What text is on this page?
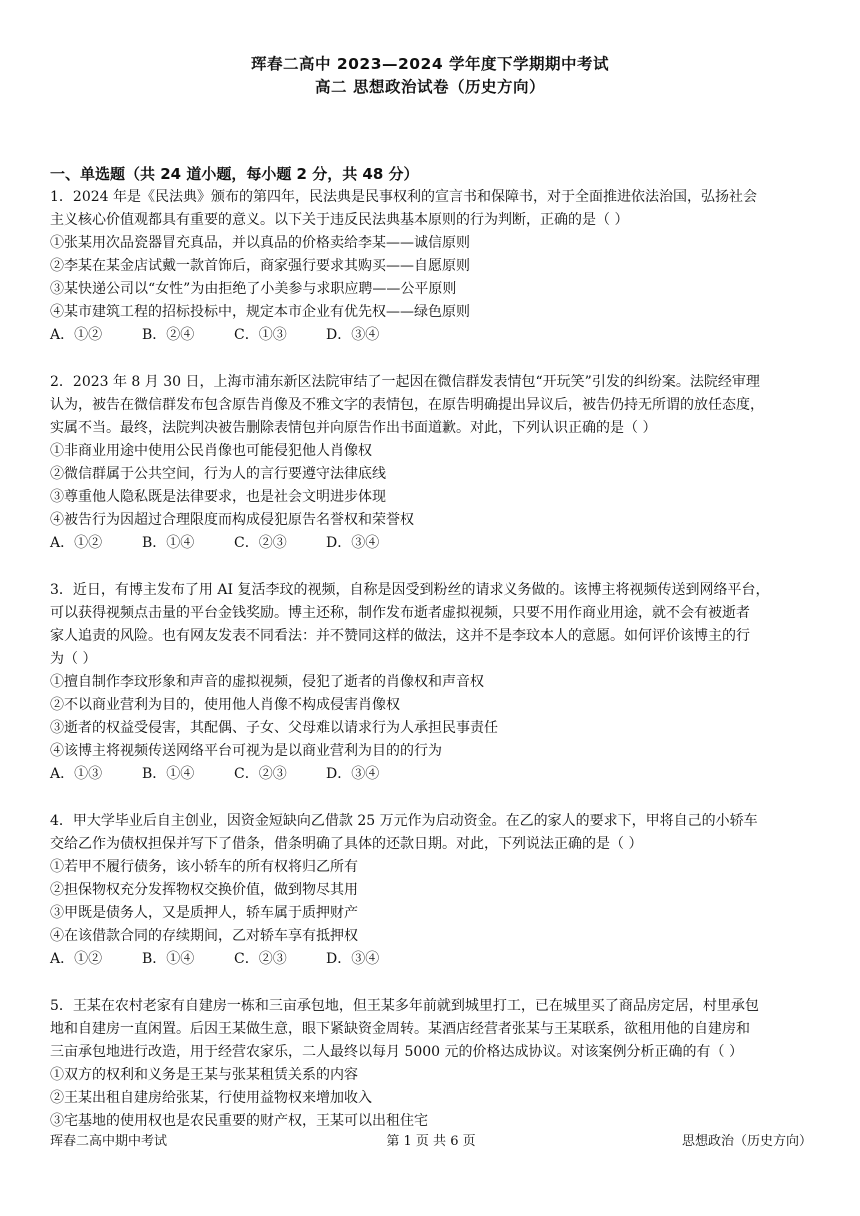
珲春二高中 2023—2024 学年度下学期期中考试
高二 思想政治试卷（历史方向）
一、单选题（共 24 道小题，每小题 2 分，共 48 分）

1．2024 年是《民法典》颁布的第四年，民法典是民事权利的宣言书和保障书，对于全面推进依法治国，弘扬社会

主义核心价值观都具有重要的意义。以下关于违反民法典基本原则的行为判断，正确的是（ ）

①张某用次品瓷器冒充真品，并以真品的价格卖给李某——诚信原则

②李某在某金店试戴一款首饰后，商家强行要求其购买——自愿原则

③某快递公司以“女性”为由拒绝了小美参与求职应聘——公平原则

④某市建筑工程的招标投标中，规定本市企业有优先权——绿色原则

A．①②	B．②④	C．①③	D．③④

2．2023 年 8 月 30 日，上海市浦东新区法院审结了一起因在微信群发表情包“开玩笑”引发的纠纷案。法院经审理

认为，被告在微信群发布包含原告肖像及不雅文字的表情包，在原告明确提出异议后，被告仍持无所谓的放任态度，

实属不当。最终，法院判决被告删除表情包并向原告作出书面道歉。对此，下列认识正确的是（ ）

①非商业用途中使用公民肖像也可能侵犯他人肖像权

②微信群属于公共空间，行为人的言行要遵守法律底线

③尊重他人隐私既是法律要求，也是社会文明进步体现

④被告行为因超过合理限度而构成侵犯原告名誉权和荣誉权

A．①②	B．①④	C．②③	D．③④

3．近日，有博主发布了用 AI 复活李玟的视频，自称是因受到粉丝的请求义务做的。该博主将视频传送到网络平台，

可以获得视频点击量的平台金钱奖励。博主还称，制作发布逝者虚拟视频，只要不用作商业用途，就不会有被逝者

家人追责的风险。也有网友发表不同看法：并不赞同这样的做法，这并不是李玟本人的意愿。如何评价该博主的行

为（ ）

①擅自制作李玟形象和声音的虚拟视频，侵犯了逝者的肖像权和声音权

②不以商业营利为目的，使用他人肖像不构成侵害肖像权

③逝者的权益受侵害，其配偶、子女、父母难以请求行为人承担民事责任

④该博主将视频传送网络平台可视为是以商业营利为目的的行为

A．①③	B．①④	C．②③	D．③④

4．甲大学毕业后自主创业，因资金短缺向乙借款 25 万元作为启动资金。在乙的家人的要求下，甲将自己的小轿车

交给乙作为债权担保并写下了借条，借条明确了具体的还款日期。对此，下列说法正确的是（ ）

①若甲不履行债务，该小轿车的所有权将归乙所有

②担保物权充分发挥物权交换价值，做到物尽其用

③甲既是债务人，又是质押人，轿车属于质押财产

④在该借款合同的存续期间，乙对轿车享有抵押权

A．①②	B．①④	C．②③	D．③④

5．王某在农村老家有自建房一栋和三亩承包地，但王某多年前就到城里打工，已在城里买了商品房定居，村里承包

地和自建房一直闲置。后因王某做生意，眼下紧缺资金周转。某酒店经营者张某与王某联系，欲租用他的自建房和

三亩承包地进行改造，用于经营农家乐，二人最终以每月 5000 元的价格达成协议。对该案例分析正确的有（ ）

①双方的权利和义务是王某与张某租赁关系的内容

②王某出租自建房给张某，行使用益物权来增加收入

③宅基地的使用权也是农民重要的财产权，王某可以出租住宅

珲春二高中期中考试	第 1 页 共 6 页	思想政治（历史方向）
